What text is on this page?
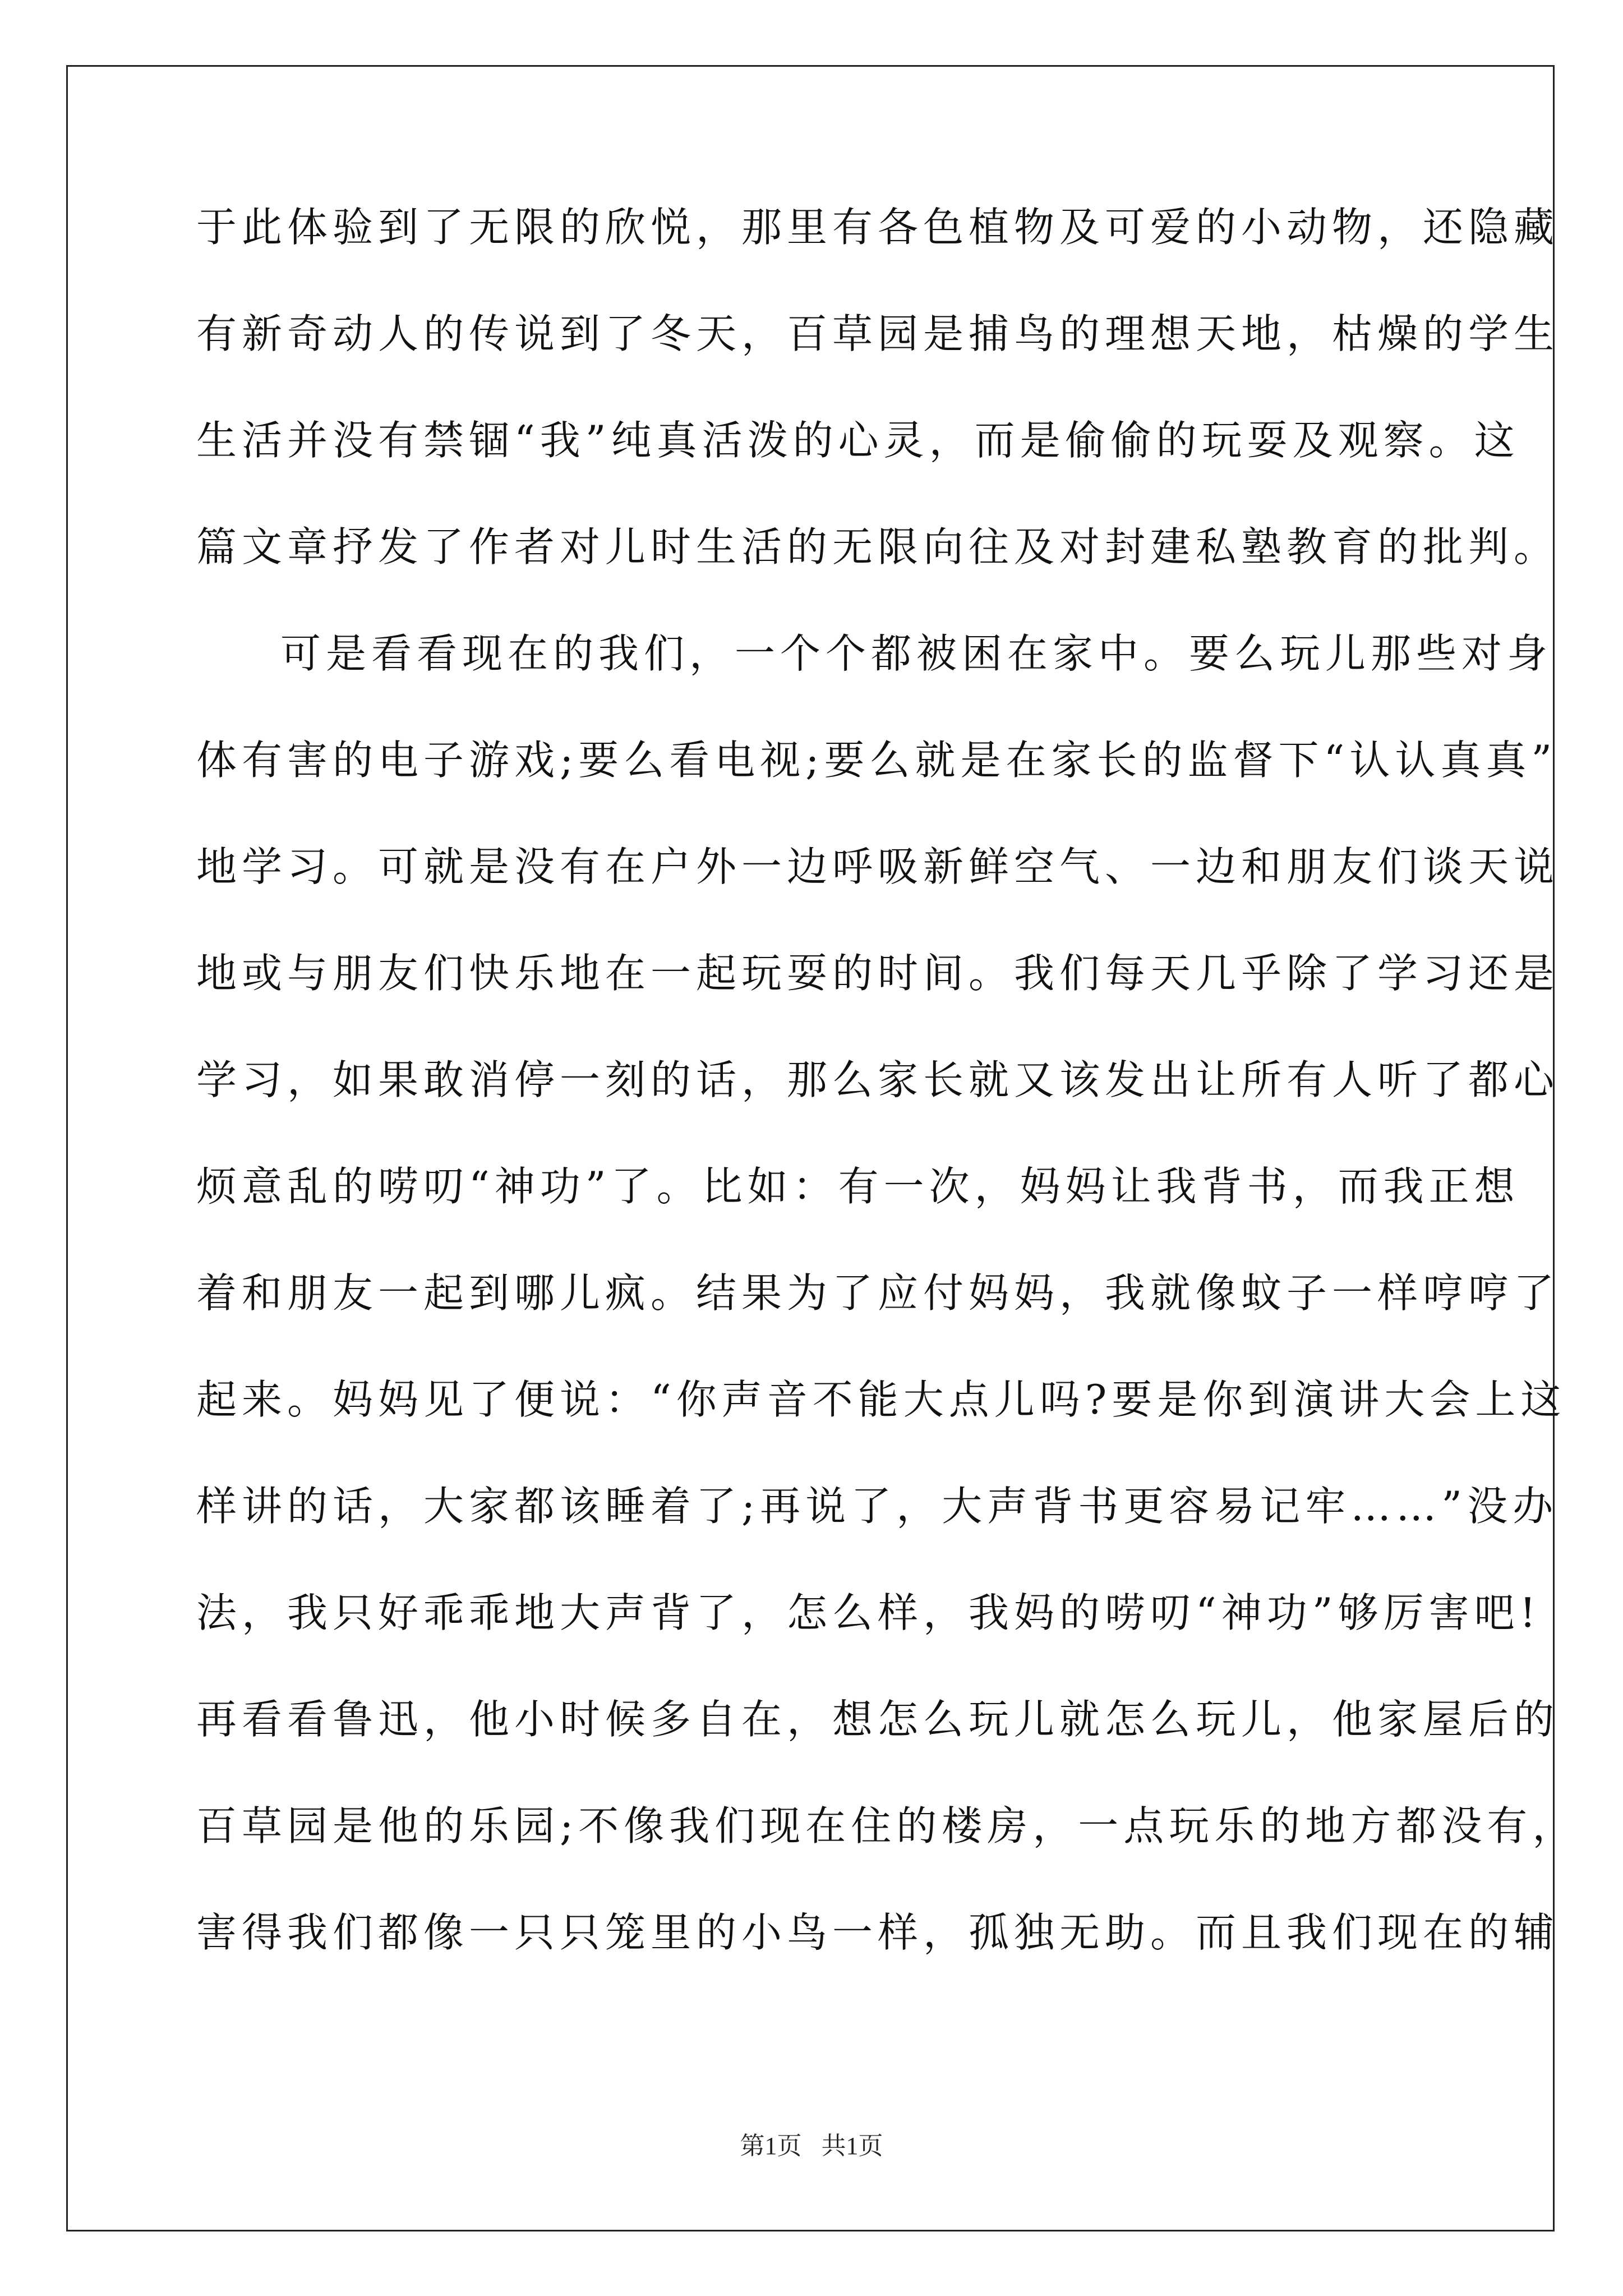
于此体验到了无限的欣悦，那里有各色植物及可爱的小动物，还隐藏
有新奇动人的传说到了冬天，百草园是捕鸟的理想天地，枯燥的学生
生活并没有禁锢“我”纯真活泼的心灵，而是偷偷的玩耍及观察。这
篇文章抒发了作者对儿时生活的无限向往及对封建私塾教育的批判。
可是看看现在的我们，一个个都被困在家中。要么玩儿那些对身
体有害的电子游戏;要么看电视;要么就是在家长的监督下“认认真真”
地学习。可就是没有在户外一边呼吸新鲜空气、一边和朋友们谈天说
地或与朋友们快乐地在一起玩耍的时间。我们每天几乎除了学习还是
学习，如果敢消停一刻的话，那么家长就又该发出让所有人听了都心
烦意乱的唠叨“神功”了。比如：有一次，妈妈让我背书，而我正想
着和朋友一起到哪儿疯。结果为了应付妈妈，我就像蚊子一样哼哼了
起来。妈妈见了便说：“你声音不能大点儿吗?要是你到演讲大会上这
样讲的话，大家都该睡着了;再说了，大声背书更容易记牢……”没办
法，我只好乖乖地大声背了，怎么样，我妈的唠叨“神功”够厉害吧!
再看看鲁迅，他小时候多自在，想怎么玩儿就怎么玩儿，他家屋后的
百草园是他的乐园;不像我们现在住的楼房，一点玩乐的地方都没有，
害得我们都像一只只笼里的小鸟一样，孤独无助。而且我们现在的辅
第1页 共1页
